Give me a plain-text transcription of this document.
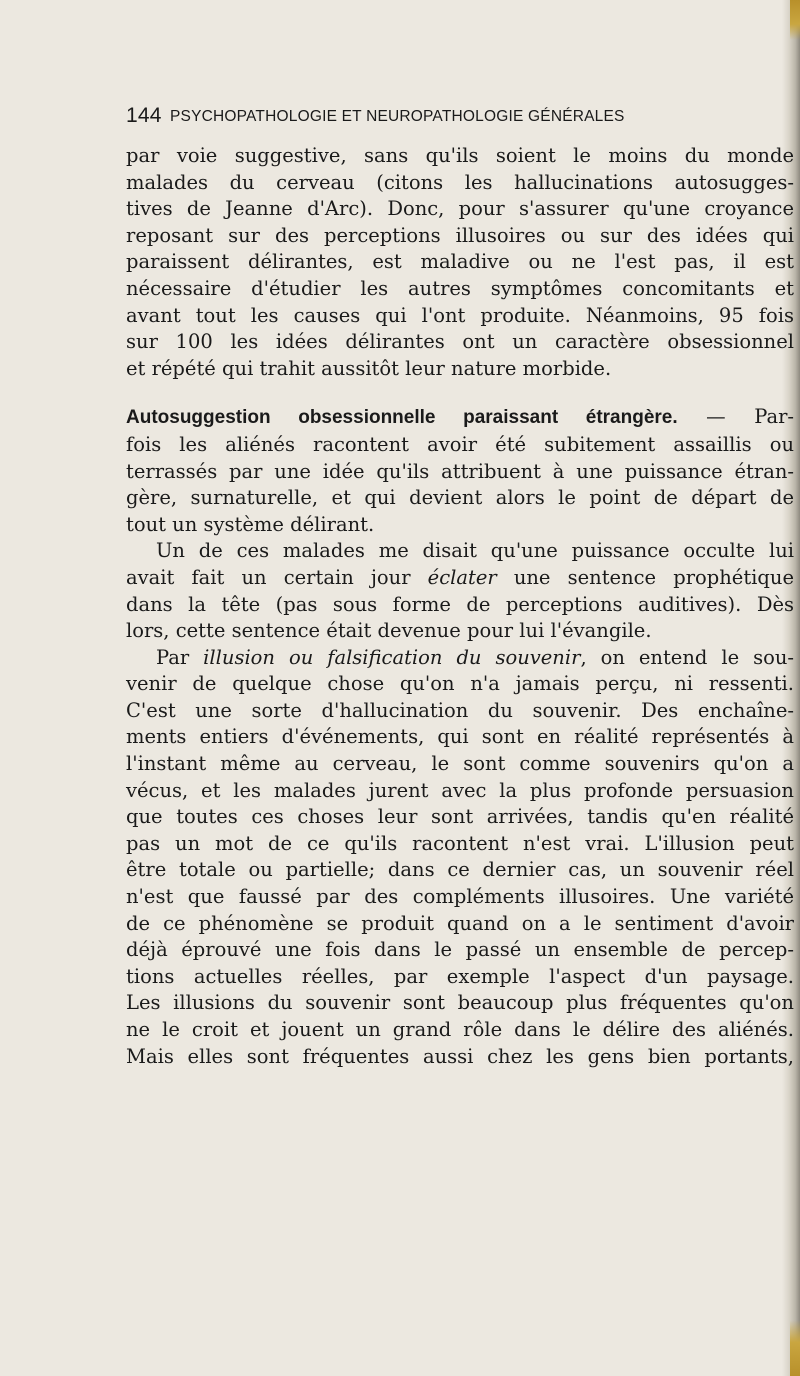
144 PSYCHOPATHOLOGIE ET NEUROPATHOLOGIE GÉNÉRALES
par voie suggestive, sans qu'ils soient le moins du monde
malades du cerveau (citons les hallucinations autosugges-
tives de Jeanne d'Arc). Donc, pour s'assurer qu'une croyance
reposant sur des perceptions illusoires ou sur des idées qui
paraissent délirantes, est maladive ou ne l'est pas, il est
nécessaire d'étudier les autres symptômes concomitants et
avant tout les causes qui l'ont produite. Néanmoins, 95 fois
sur 100 les idées délirantes ont un caractère obsessionnel
et répété qui trahit aussitôt leur nature morbide.
Autosuggestion obsessionnelle paraissant étrangère. — Par-
fois les aliénés racontent avoir été subitement assaillis ou
terrassés par une idée qu'ils attribuent à une puissance étran-
gère, surnaturelle, et qui devient alors le point de départ de
tout un système délirant.
Un de ces malades me disait qu'une puissance occulte lui
avait fait un certain jour éclater une sentence prophétique
dans la tête (pas sous forme de perceptions auditives). Dès
lors, cette sentence était devenue pour lui l'évangile.
Par illusion ou falsification du souvenir, on entend le sou-
venir de quelque chose qu'on n'a jamais perçu, ni ressenti.
C'est une sorte d'hallucination du souvenir. Des enchaîne-
ments entiers d'événements, qui sont en réalité représentés à
l'instant même au cerveau, le sont comme souvenirs qu'on a
vécus, et les malades jurent avec la plus profonde persuasion
que toutes ces choses leur sont arrivées, tandis qu'en réalité
pas un mot de ce qu'ils racontent n'est vrai. L'illusion peut
être totale ou partielle; dans ce dernier cas, un souvenir réel
n'est que faussé par des compléments illusoires. Une variété
de ce phénomène se produit quand on a le sentiment d'avoir
déjà éprouvé une fois dans le passé un ensemble de percep-
tions actuelles réelles, par exemple l'aspect d'un paysage.
Les illusions du souvenir sont beaucoup plus fréquentes qu'on
ne le croit et jouent un grand rôle dans le délire des aliénés.
Mais elles sont fréquentes aussi chez les gens bien portants,
